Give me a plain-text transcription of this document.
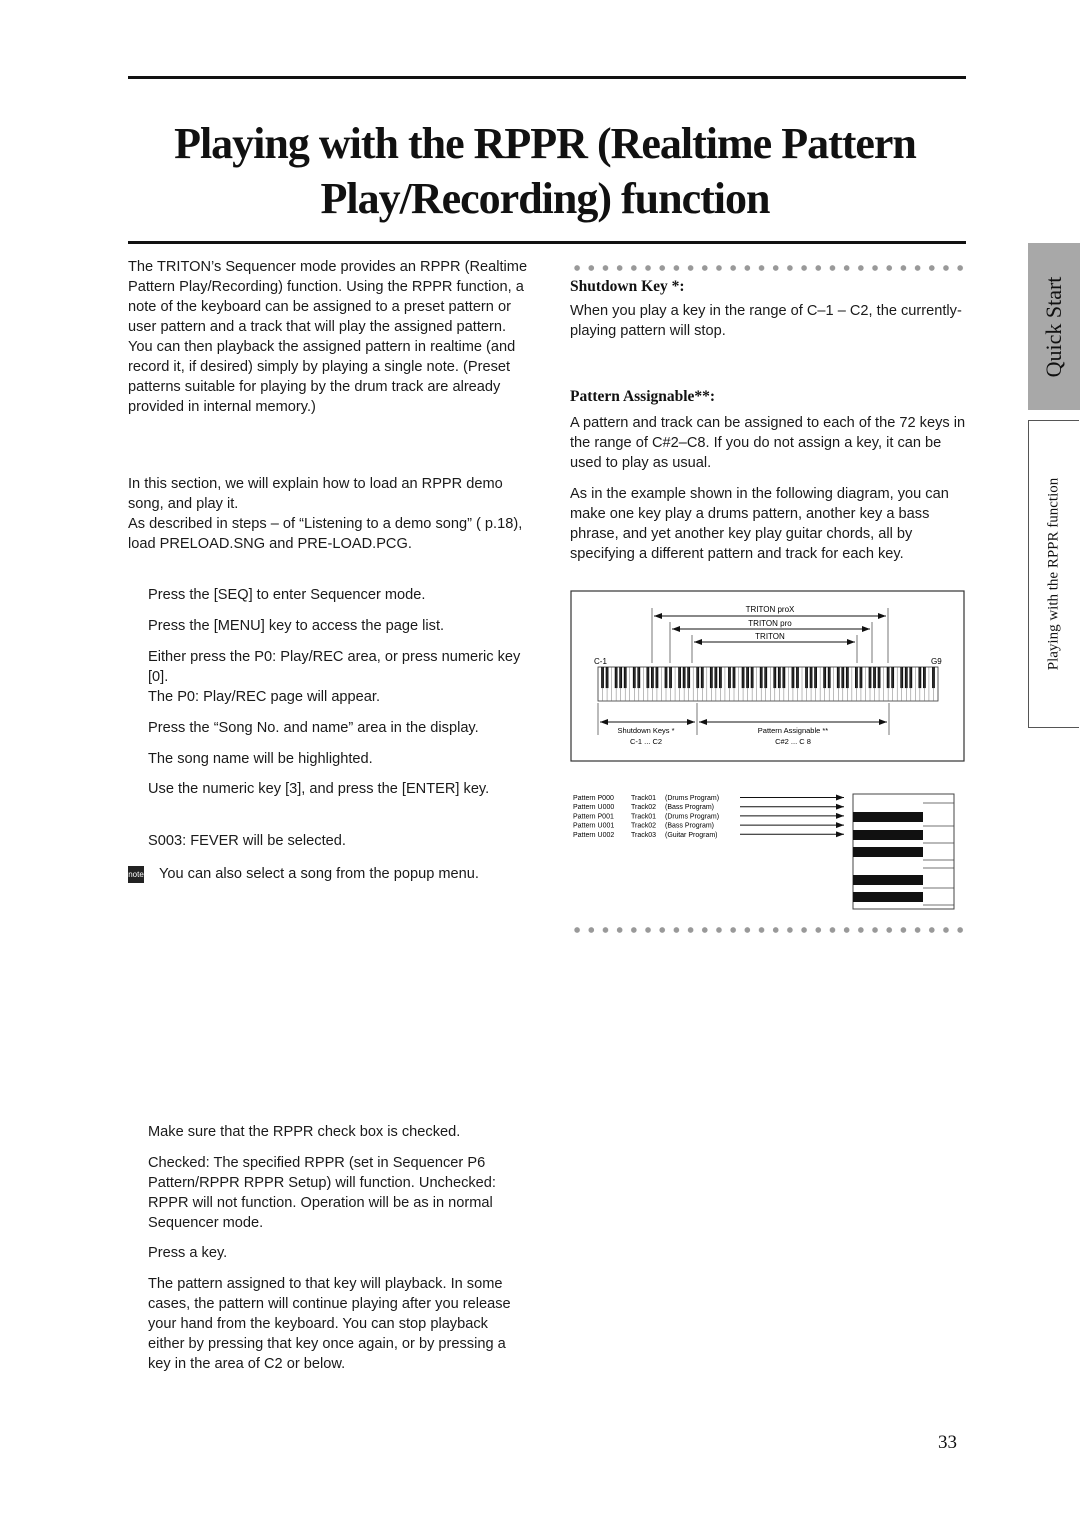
Playing with the RPPR (Realtime Pattern
Play/Recording) function
Quick Start
Playing with the RPPR function
The TRITON’s Sequencer mode provides an RPPR (Realtime Pattern Play/Recording) function. Using the RPPR function, a note of the keyboard can be assigned to a preset pattern or user pattern and a track that will play the assigned pattern. You can then playback the assigned pattern in realtime (and record it, if desired) simply by playing a single note. (Preset patterns suitable for playing by the drum track are already provided in internal memory.)
In this section, we will explain how to load an RPPR demo song, and play it.
As described in steps – of “Listening to a demo song” ( p.18), load PRELOAD.SNG and PRE-LOAD.PCG.
Press the [SEQ] to enter Sequencer mode.
Press the [MENU] key to access the page list.
Either press the P0: Play/REC area, or press numeric key [0].
The P0: Play/REC page will appear.
Press the “Song No. and name” area in the display.
The song name will be highlighted.
Use the numeric key [3], and press the [ENTER] key.
S003: FEVER will be selected.
note You can also select a song from the popup menu.
Make sure that the RPPR check box is checked.
Checked: The specified RPPR (set in Sequencer P6 Pattern/RPPR RPPR Setup) will function. Unchecked: RPPR will not function. Operation will be as in normal Sequencer mode.
Press a key.
The pattern assigned to that key will playback. In some cases, the pattern will continue playing after you release your hand from the keyboard. You can stop playback either by pressing that key once again, or by pressing a key in the area of C2 or below.
Shutdown Key *:
When you play a key in the range of C–1 – C2, the currently-playing pattern will stop.
Pattern Assignable**:
A pattern and track can be assigned to each of the 72 keys in the range of C#2–C8. If you do not assign a key, it can be used to play as usual.
As in the example shown in the following diagram, you can make one key play a drums pattern, another key a bass phrase, and yet another key play guitar chords, all by specifying a different pattern and track for each key.
TRITON proX
TRITON pro
TRITON
C-1	G9
Shutdown Keys *
C-1 ... C2
Pattern Assignable **
C#2 ... C 8
Pattern P000 Track01 (Drums Program)
Pattern U000 Track02 (Bass Program)
Pattern P001 Track01 (Drums Program)
Pattern U001 Track02 (Bass Program)
Pattern U002 Track03 (Guitar Program)
33
